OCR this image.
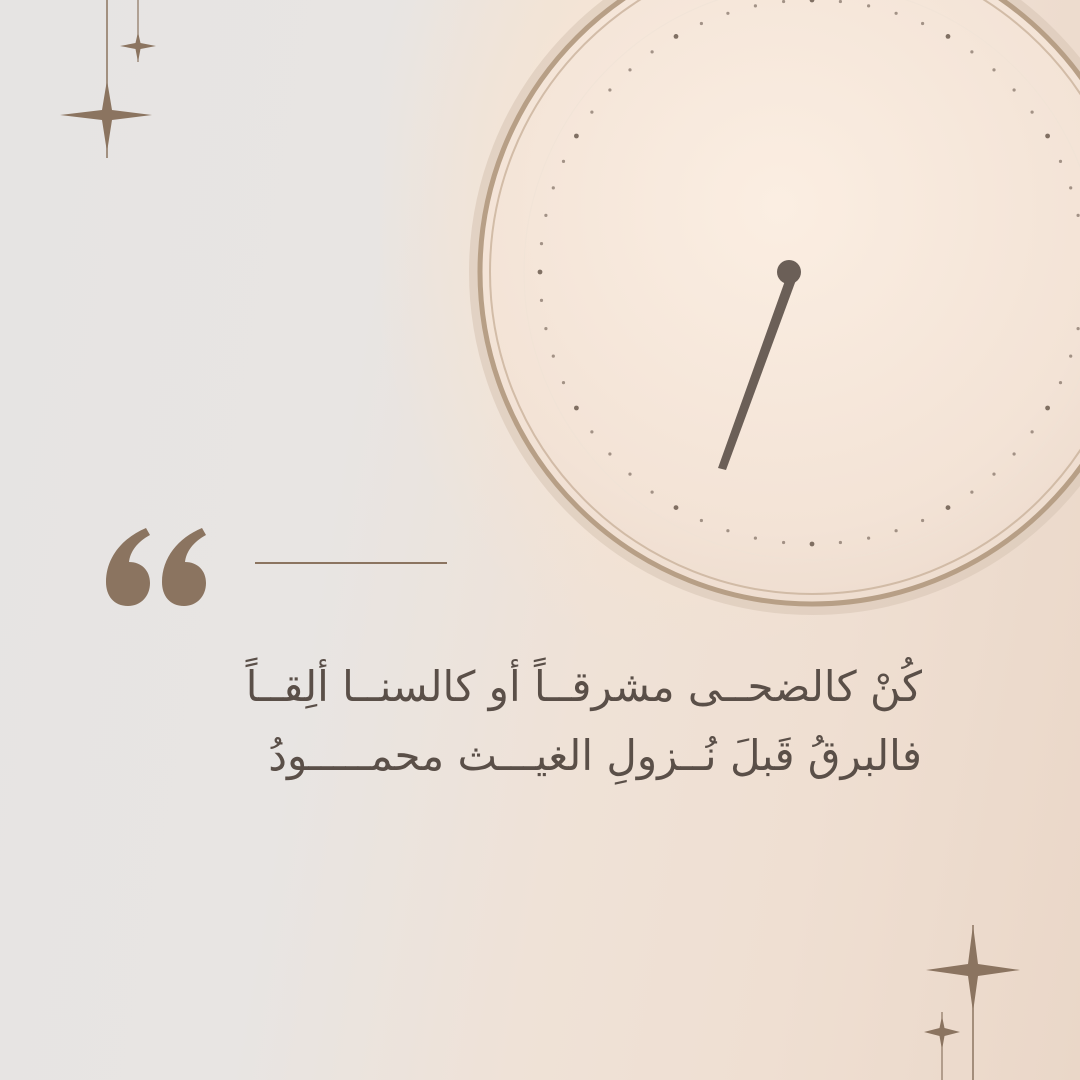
كُنْ كالضحــى مشرقــاً أو كالسنــا ألِقــاً
فالبرقُ قَبلَ نُــزولِ الغيـــث محمـــــودُ
